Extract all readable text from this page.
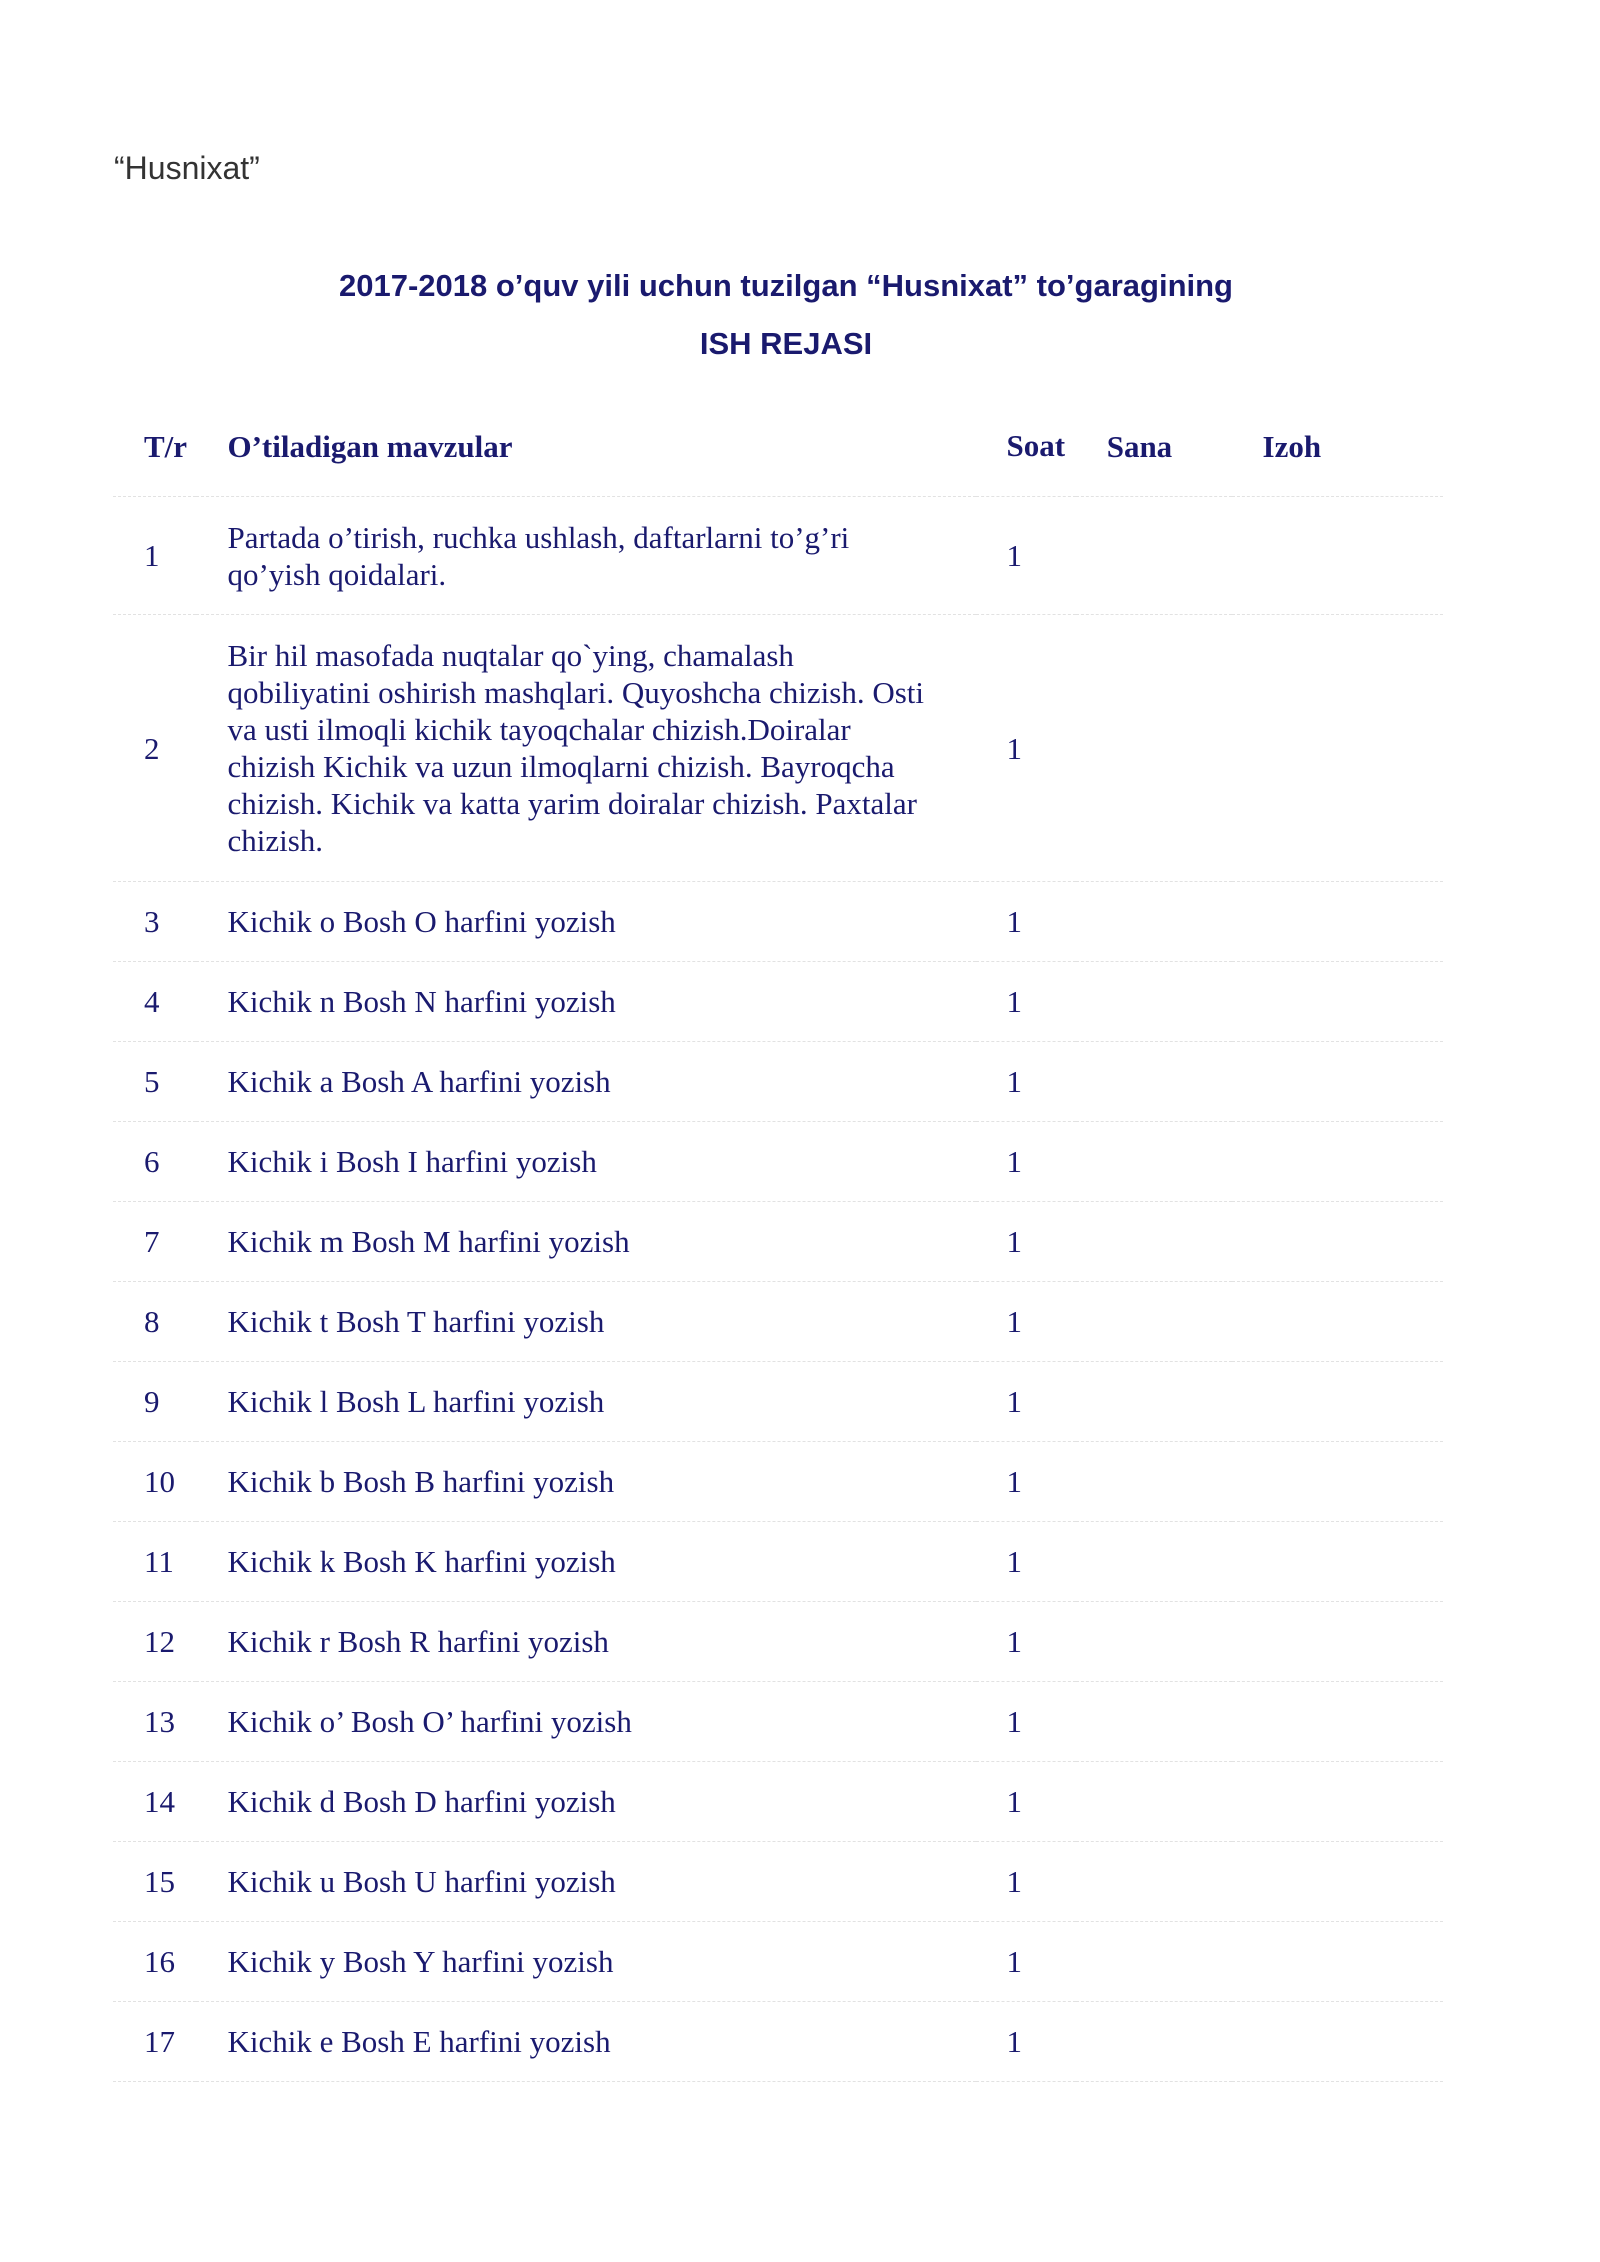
“Husnixat”

2017-2018 o’quv yili uchun tuzilgan “Husnixat” to’garagining
ISH REJASI
T/r	O’tiladigan mavzular	Soat	Sana	Izoh
1	Partada o’tirish, ruchka ushlash, daftarlarni to’g’ri qo’yish qoidalari.	1		
2	Bir hil masofada nuqtalar qo`ying, chamalash qobiliyatini oshirish mashqlari. Quyoshcha chizish. Osti va usti ilmoqli kichik tayoqchalar chizish.Doiralar chizish Kichik va uzun ilmoqlarni chizish. Bayroqcha chizish. Kichik va katta yarim doiralar chizish. Paxtalar chizish.	1		
3	Kichik o Bosh O harfini yozish	1		
4	Kichik n Bosh N harfini yozish	1		
5	Kichik a Bosh A harfini yozish	1		
6	Kichik i Bosh I harfini yozish	1		
7	Kichik m Bosh M harfini yozish	1		
8	Kichik t Bosh T harfini yozish	1		
9	Kichik l Bosh L harfini yozish	1		
10	Kichik b Bosh B harfini yozish	1		
11	Kichik k Bosh K harfini yozish	1		
12	Kichik r Bosh R harfini yozish	1		
13	Kichik o’ Bosh O’ harfini yozish	1		
14	Kichik d Bosh D harfini yozish	1		
15	Kichik u Bosh U harfini yozish	1		
16	Kichik y Bosh Y harfini yozish	1		
17	Kichik e Bosh E harfini yozish	1		
